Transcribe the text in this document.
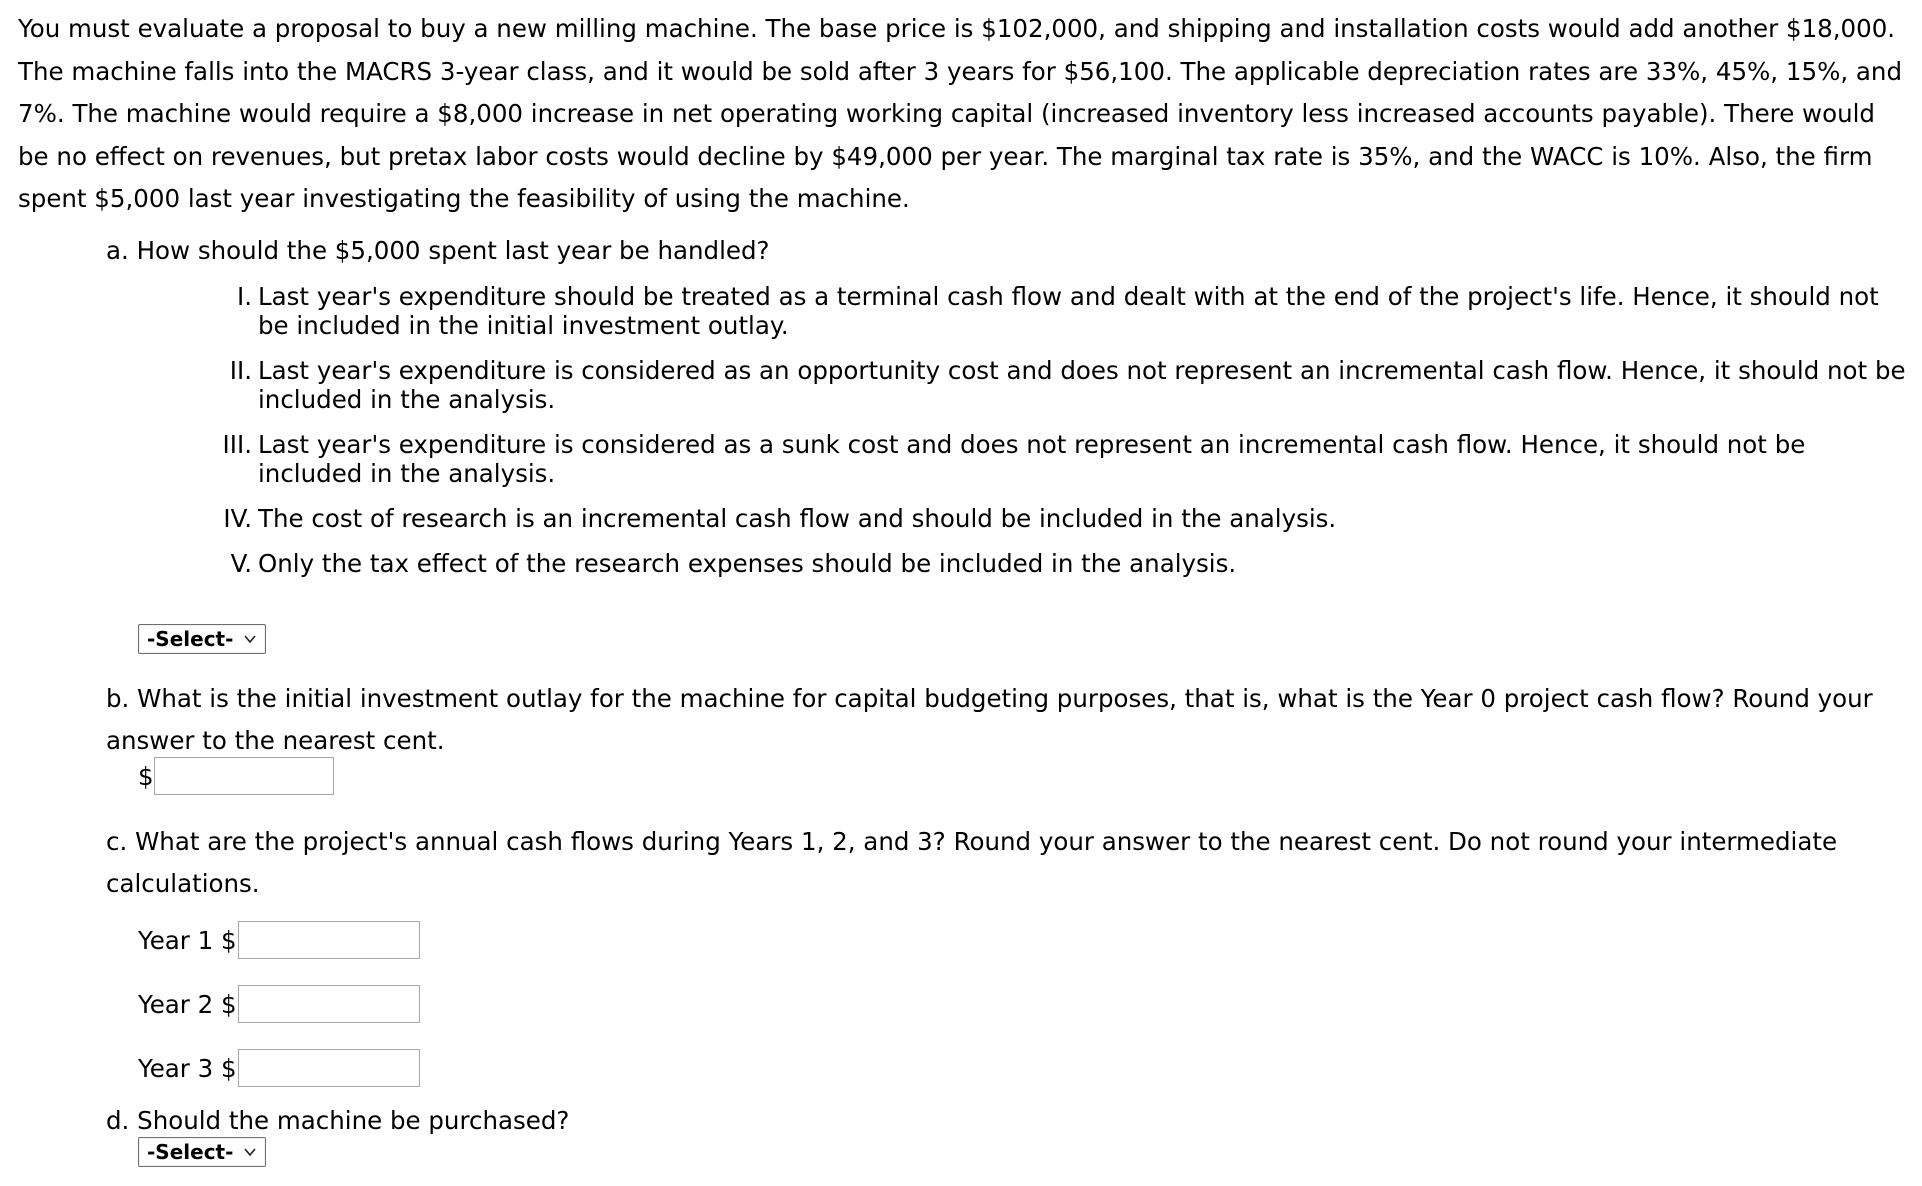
You must evaluate a proposal to buy a new milling machine. The base price is $102,000, and shipping and installation costs would add another $18,000. The machine falls into the MACRS 3-year class, and it would be sold after 3 years for $56,100. The applicable depreciation rates are 33%, 45%, 15%, and 7%. The machine would require a $8,000 increase in net operating working capital (increased inventory less increased accounts payable). There would be no effect on revenues, but pretax labor costs would decline by $49,000 per year. The marginal tax rate is 35%, and the WACC is 10%. Also, the firm spent $5,000 last year investigating the feasibility of using the machine.

a. How should the $5,000 spent last year be handled?
I. Last year's expenditure should be treated as a terminal cash flow and dealt with at the end of the project's life. Hence, it should not be included in the initial investment outlay.
II. Last year's expenditure is considered as an opportunity cost and does not represent an incremental cash flow. Hence, it should not be included in the analysis.
III. Last year's expenditure is considered as a sunk cost and does not represent an incremental cash flow. Hence, it should not be included in the analysis.
IV. The cost of research is an incremental cash flow and should be included in the analysis.
V. Only the tax effect of the research expenses should be included in the analysis.
-Select-
b. What is the initial investment outlay for the machine for capital budgeting purposes, that is, what is the Year 0 project cash flow? Round your answer to the nearest cent.
$
c. What are the project's annual cash flows during Years 1, 2, and 3? Round your answer to the nearest cent. Do not round your intermediate calculations.
Year 1 $
Year 2 $
Year 3 $
d. Should the machine be purchased?
-Select-
